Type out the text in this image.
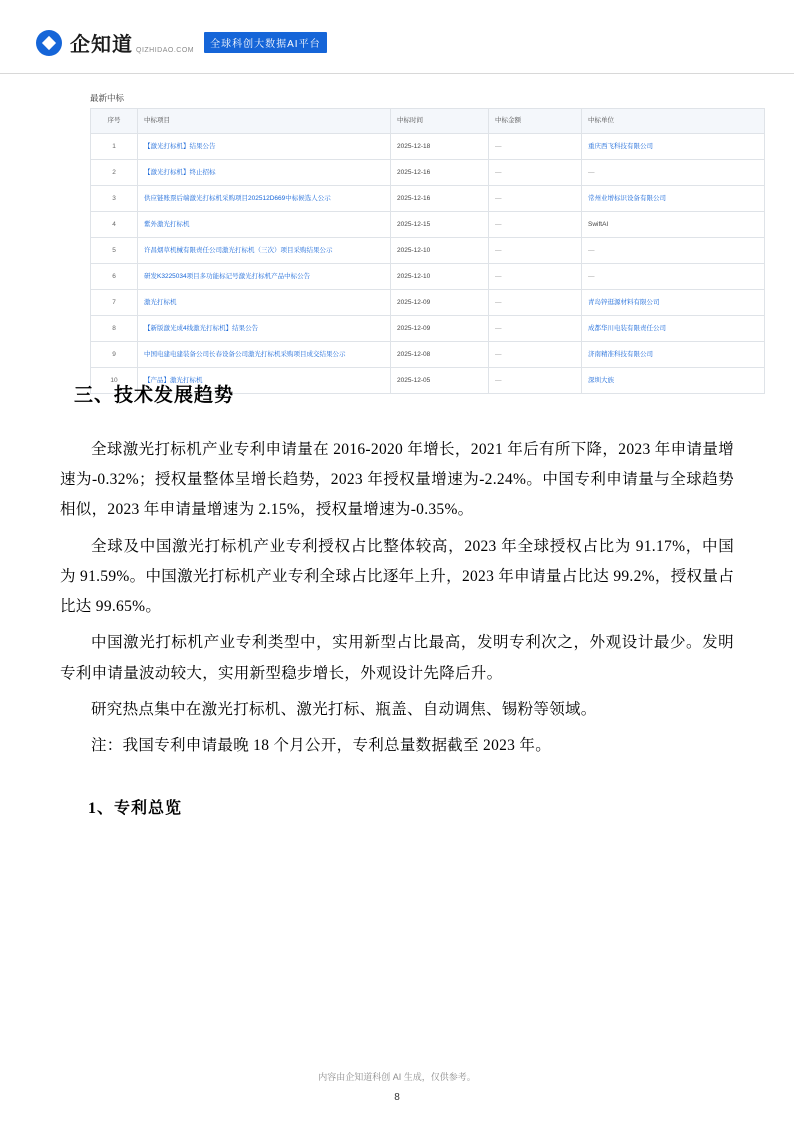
企知道 QIZHIDAO.COM
全球科创大数据AI平台
最新中标
序号	中标项目	中标时间	中标金额	中标单位
1	【激光打标机】结果公告	2025-12-18	—	重庆西飞科技有限公司
2	【激光打标机】终止招标	2025-12-16	—	—
3	供应链账票后端激光打标机采购项目202512D669中标候选人公示	2025-12-16	—	常州业增标识设备有限公司
4	紫外激光打标机	2025-12-15	—	SwiftAI
5	许昌烟草机械有限责任公司激光打标机（三次）项目采购结果公示	2025-12-10	—	—
6	研发K3225034项目多功能标记号激光打标机产品中标公告	2025-12-10	—	—
7	激光打标机	2025-12-09	—	青岛锌逛源材料有限公司
8	【新版激光成4线激光打标机】结果公告	2025-12-09	—	成都华川电装有限责任公司
9	中国电建电建装备公司长春设备公司激光打标机采购项目成交结果公示	2025-12-08	—	济南精准科技有限公司
10	【产品】激光打标机	2025-12-05	—	深圳大族
三、技术发展趋势

全球激光打标机产业专利申请量在 2016-2020 年增长，2021 年后有所下降，2023 年申请量增速为-0.32%；授权量整体呈增长趋势，2023 年授权量增速为-2.24%。中国专利申请量与全球趋势相似，2023 年申请量增速为 2.15%，授权量增速为-0.35%。

全球及中国激光打标机产业专利授权占比整体较高，2023 年全球授权占比为 91.17%，中国为 91.59%。中国激光打标机产业专利全球占比逐年上升，2023 年申请量占比达 99.2%，授权量占比达 99.65%。

中国激光打标机产业专利类型中，实用新型占比最高，发明专利次之，外观设计最少。发明专利申请量波动较大，实用新型稳步增长，外观设计先降后升。

研究热点集中在激光打标机、激光打标、瓶盖、自动调焦、锡粉等领域。

注：我国专利申请最晚 18 个月公开，专利总量数据截至 2023 年。

1、专利总览
内容由企知道科创 AI 生成，仅供参考。
8
